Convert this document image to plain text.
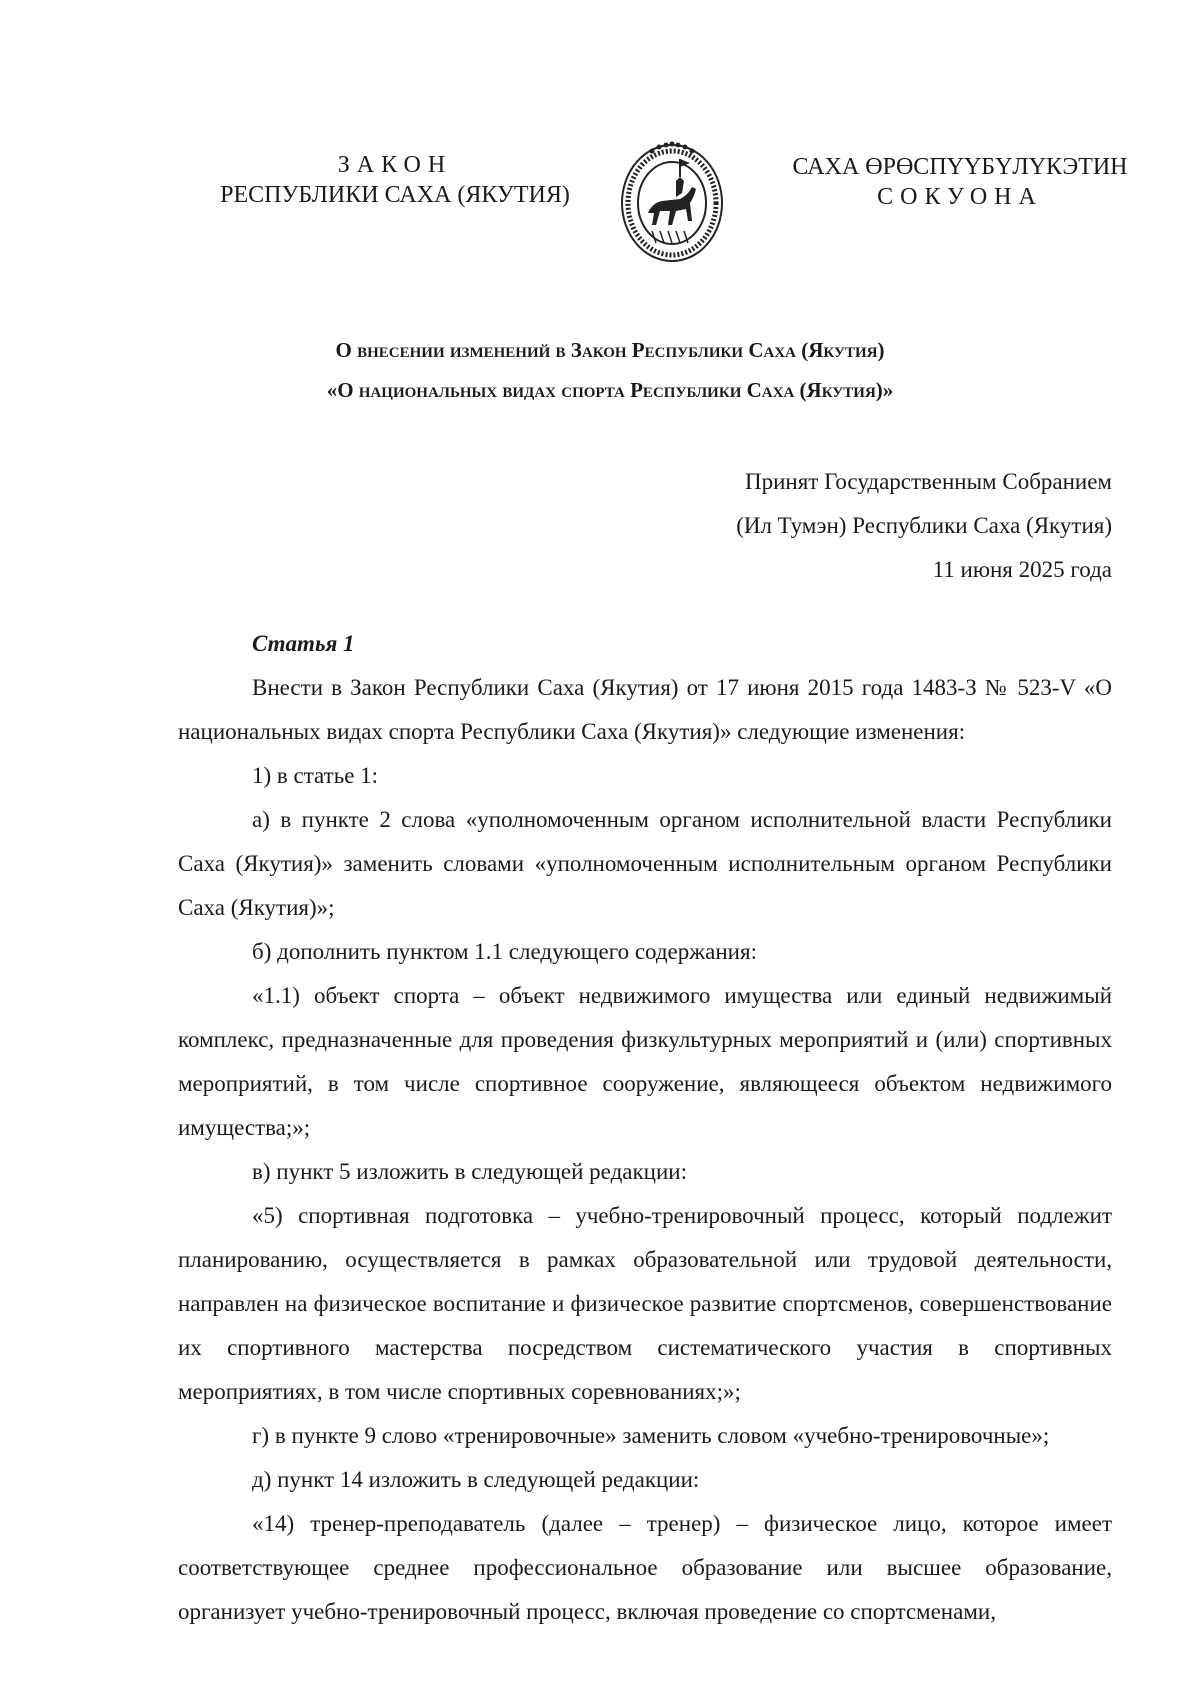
ЗАКОН
РЕСПУБЛИКИ САХА (ЯКУТИЯ)
САХА ӨРӨСПҮҮБҮЛҮКЭТИН
СОКУОНА
О внесении изменений в Закон Республики Саха (Якутия)
«О национальных видах спорта Республики Саха (Якутия)»
Принят Государственным Собранием
(Ил Тумэн) Республики Саха (Якутия)
11 июня 2025 года
Статья 1

Внести в Закон Республики Саха (Якутия) от 17 июня 2015 года 1483-З № 523-V «О национальных видах спорта Республики Саха (Якутия)» следующие изменения:

1) в статье 1:

а) в пункте 2 слова «уполномоченным органом исполнительной власти Республики Саха (Якутия)» заменить словами «уполномоченным исполнительным органом Республики Саха (Якутия)»;

б) дополнить пунктом 1.1 следующего содержания:

«1.1) объект спорта – объект недвижимого имущества или единый недвижимый комплекс, предназначенные для проведения физкультурных мероприятий и (или) спортивных мероприятий, в том числе спортивное сооружение, являющееся объектом недвижимого имущества;»;

в) пункт 5 изложить в следующей редакции:

«5) спортивная подготовка – учебно-тренировочный процесс, который подлежит планированию, осуществляется в рамках образовательной или трудовой деятельности, направлен на физическое воспитание и физическое развитие спортсменов, совершенствование их спортивного мастерства посредством систематического участия в спортивных мероприятиях, в том числе спортивных соревнованиях;»;

г) в пункте 9 слово «тренировочные» заменить словом «учебно-тренировочные»;

д) пункт 14 изложить в следующей редакции:

«14) тренер-преподаватель (далее – тренер) – физическое лицо, которое имеет соответствующее среднее профессиональное образование или высшее образование, организует учебно-тренировочный процесс, включая проведение со спортсменами,
